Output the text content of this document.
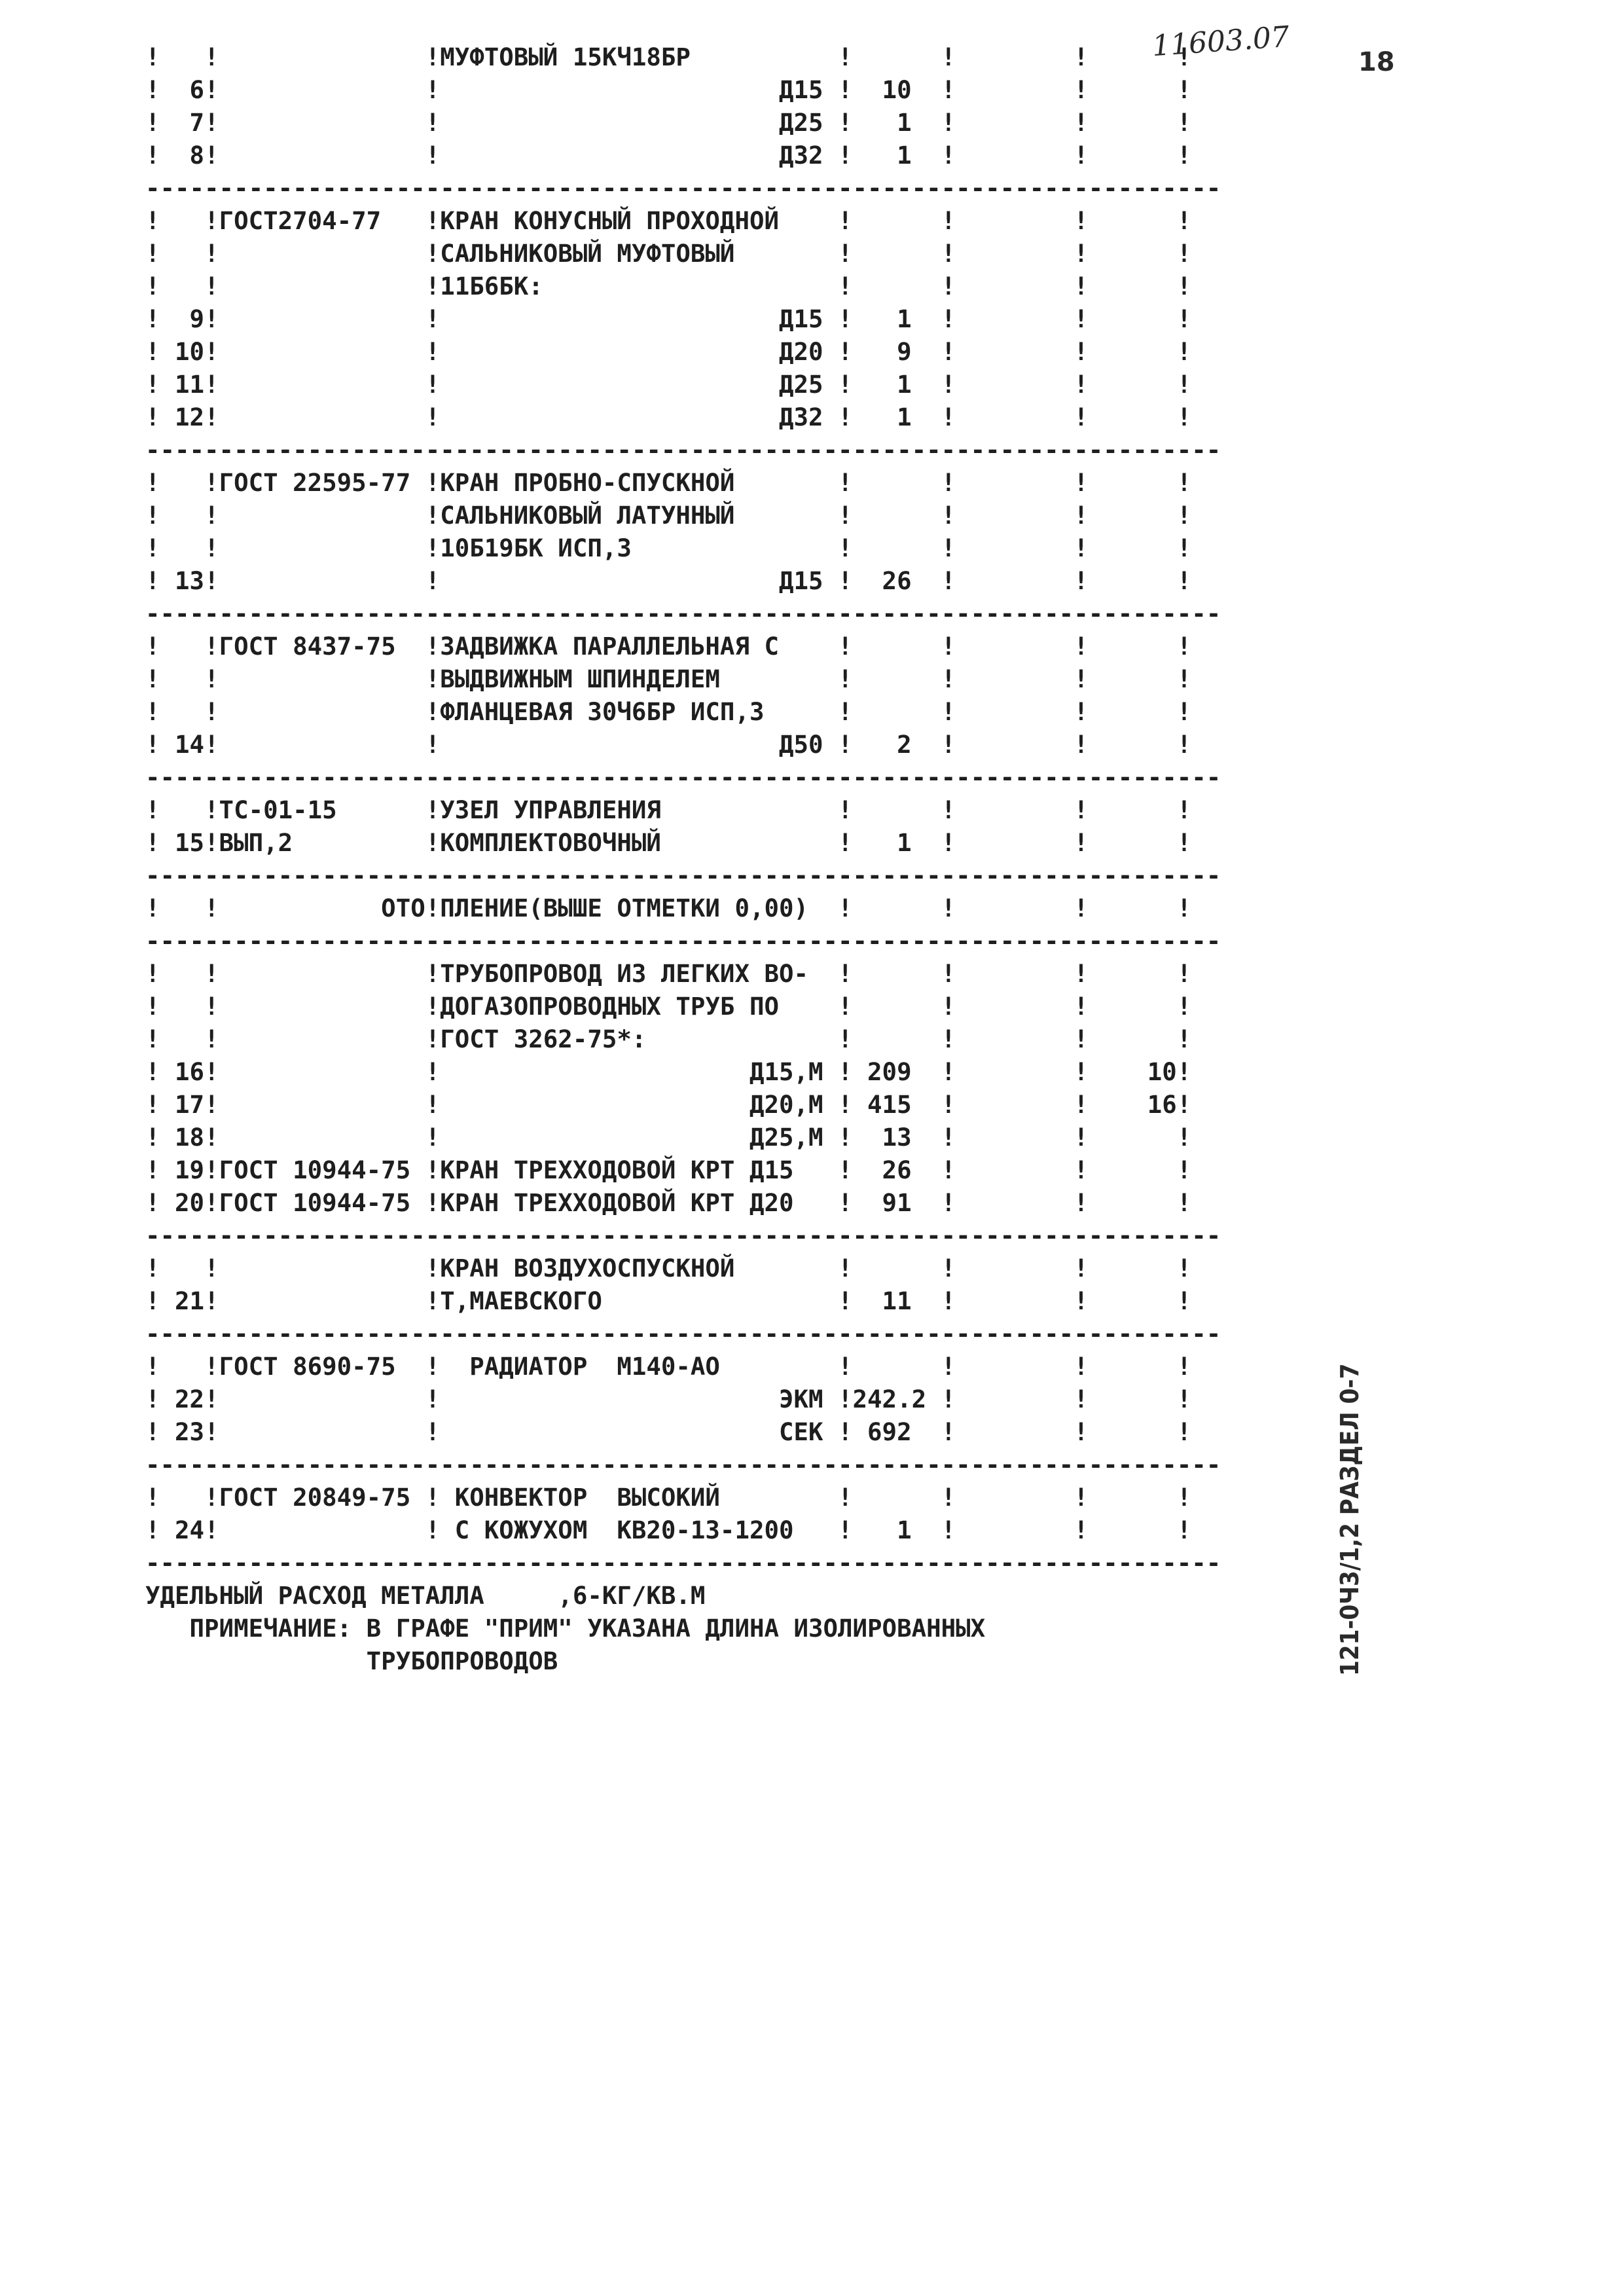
11603.07	18
!   !              !МУФТОВЫЙ 15КЧ18БР          !      !        !      !
!  6!              !                       Д15 !  10  !        !      !
!  7!              !                       Д25 !   1  !        !      !
!  8!              !                       Д32 !   1  !        !      !
-------------------------------------------------------------------------
!   !ГОСТ2704-77   !КРАН КОНУСНЫЙ ПРОХОДНОЙ    !      !        !      !
!   !              !САЛЬНИКОВЫЙ МУФТОВЫЙ       !      !        !      !
!   !              !11Б6БК:                    !      !        !      !
!  9!              !                       Д15 !   1  !        !      !
! 10!              !                       Д20 !   9  !        !      !
! 11!              !                       Д25 !   1  !        !      !
! 12!              !                       Д32 !   1  !        !      !
-------------------------------------------------------------------------
!   !ГОСТ 22595-77 !КРАН ПРОБНО-СПУСКНОЙ       !      !        !      !
!   !              !САЛЬНИКОВЫЙ ЛАТУННЫЙ       !      !        !      !
!   !              !10Б19БК ИСП,3              !      !        !      !
! 13!              !                       Д15 !  26  !        !      !
-------------------------------------------------------------------------
!   !ГОСТ 8437-75  !ЗАДВИЖКА ПАРАЛЛЕЛЬНАЯ С    !      !        !      !
!   !              !ВЫДВИЖНЫМ ШПИНДЕЛЕМ        !      !        !      !
!   !              !ФЛАНЦЕВАЯ 30Ч6БР ИСП,3     !      !        !      !
! 14!              !                       Д50 !   2  !        !      !
-------------------------------------------------------------------------
!   !ТС-01-15      !УЗЕЛ УПРАВЛЕНИЯ            !      !        !      !
! 15!ВЫП,2         !КОМПЛЕКТОВОЧНЫЙ            !   1  !        !      !
-------------------------------------------------------------------------
!   !           ОТО!ПЛЕНИЕ(ВЫШЕ ОТМЕТКИ 0,00)  !      !        !      !
-------------------------------------------------------------------------
!   !              !ТРУБОПРОВОД ИЗ ЛЕГКИХ ВО-  !      !        !      !
!   !              !ДОГАЗОПРОВОДНЫХ ТРУБ ПО    !      !        !      !
!   !              !ГОСТ 3262-75*:             !      !        !      !
! 16!              !                     Д15,М ! 209  !        !    10!
! 17!              !                     Д20,М ! 415  !        !    16!
! 18!              !                     Д25,М !  13  !        !      !
! 19!ГОСТ 10944-75 !КРАН ТРЕХХОДОВОЙ КРТ Д15   !  26  !        !      !
! 20!ГОСТ 10944-75 !КРАН ТРЕХХОДОВОЙ КРТ Д20   !  91  !        !      !
-------------------------------------------------------------------------
!   !              !КРАН ВОЗДУХОСПУСКНОЙ       !      !        !      !
! 21!              !Т,МАЕВСКОГО                !  11  !        !      !
-------------------------------------------------------------------------
!   !ГОСТ 8690-75  !  РАДИАТОР  М140-АО        !      !        !      !
! 22!              !                       ЭКМ !242.2 !        !      !
! 23!              !                       СЕК ! 692  !        !      !
-------------------------------------------------------------------------
!   !ГОСТ 20849-75 ! КОНВЕКТОР  ВЫСОКИЙ        !      !        !      !
! 24!              ! С КОЖУХОМ  КВ20-13-1200   !   1  !        !      !
-------------------------------------------------------------------------
УДЕЛЬНЫЙ РАСХОД МЕТАЛЛА     ,6-КГ/КВ.М
ПРИМЕЧАНИЕ: В ГРАФЕ "ПРИМ" УКАЗАНА ДЛИНА ИЗОЛИРОВАННЫХ
ТРУБОПРОВОДОВ	121-0Ч3/1,2 РАЗДЕЛ 0-7
